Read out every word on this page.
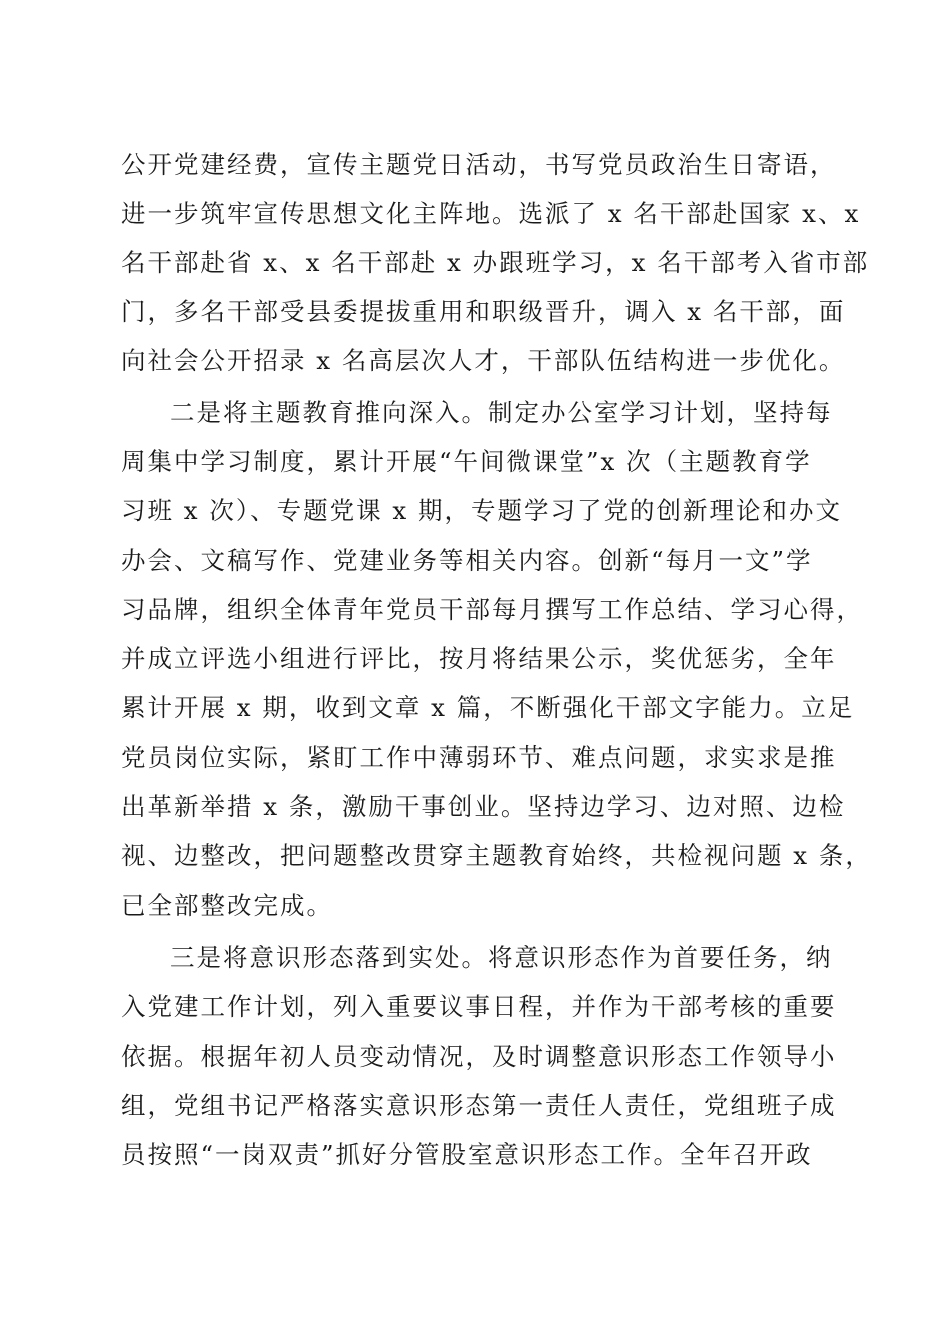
公开党建经费，宣传主题党日活动，书写党员政治生日寄语，
进一步筑牢宣传思想文化主阵地。选派了 x 名干部赴国家 x、x
名干部赴省 x、x 名干部赴 x 办跟班学习，x 名干部考入省市部
门，多名干部受县委提拔重用和职级晋升，调入 x 名干部，面
向社会公开招录 x 名高层次人才，干部队伍结构进一步优化。
二是将主题教育推向深入。制定办公室学习计划，坚持每
周集中学习制度，累计开展“午间微课堂”x 次（主题教育学
习班 x 次）、专题党课 x 期，专题学习了党的创新理论和办文
办会、文稿写作、党建业务等相关内容。创新“每月一文”学
习品牌，组织全体青年党员干部每月撰写工作总结、学习心得，
并成立评选小组进行评比，按月将结果公示，奖优惩劣，全年
累计开展 x 期，收到文章 x 篇，不断强化干部文字能力。立足
党员岗位实际，紧盯工作中薄弱环节、难点问题，求实求是推
出革新举措 x 条，激励干事创业。坚持边学习、边对照、边检
视、边整改，把问题整改贯穿主题教育始终，共检视问题 x 条，
已全部整改完成。
三是将意识形态落到实处。将意识形态作为首要任务，纳
入党建工作计划，列入重要议事日程，并作为干部考核的重要
依据。根据年初人员变动情况，及时调整意识形态工作领导小
组，党组书记严格落实意识形态第一责任人责任，党组班子成
员按照“一岗双责”抓好分管股室意识形态工作。全年召开政
